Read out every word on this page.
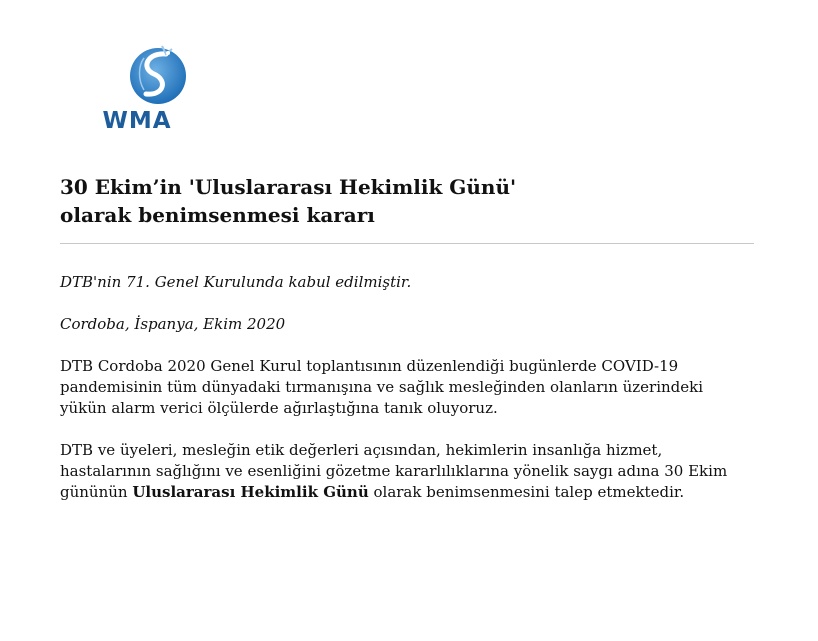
WMA
30 Ekim’in 'Uluslararası Hekimlik Günü'
olarak benimsenmesi kararı

DTB'nin 71. Genel Kurulunda kabul edilmiştir.

Cordoba, İspanya, Ekim 2020

DTB Cordoba 2020 Genel Kurul toplantısının düzenlendiği bugünlerde COVID-19
pandemisinin tüm dünyadaki tırmanışına ve sağlık mesleğinden olanların üzerindeki
yükün alarm verici ölçülerde ağırlaştığına tanık oluyoruz.

DTB ve üyeleri, mesleğin etik değerleri açısından, hekimlerin insanlığa hizmet,
hastalarının sağlığını ve esenliğini gözetme kararlılıklarına yönelik saygı adına 30 Ekim
gününün Uluslararası Hekimlik Günü olarak benimsenmesini talep etmektedir.
